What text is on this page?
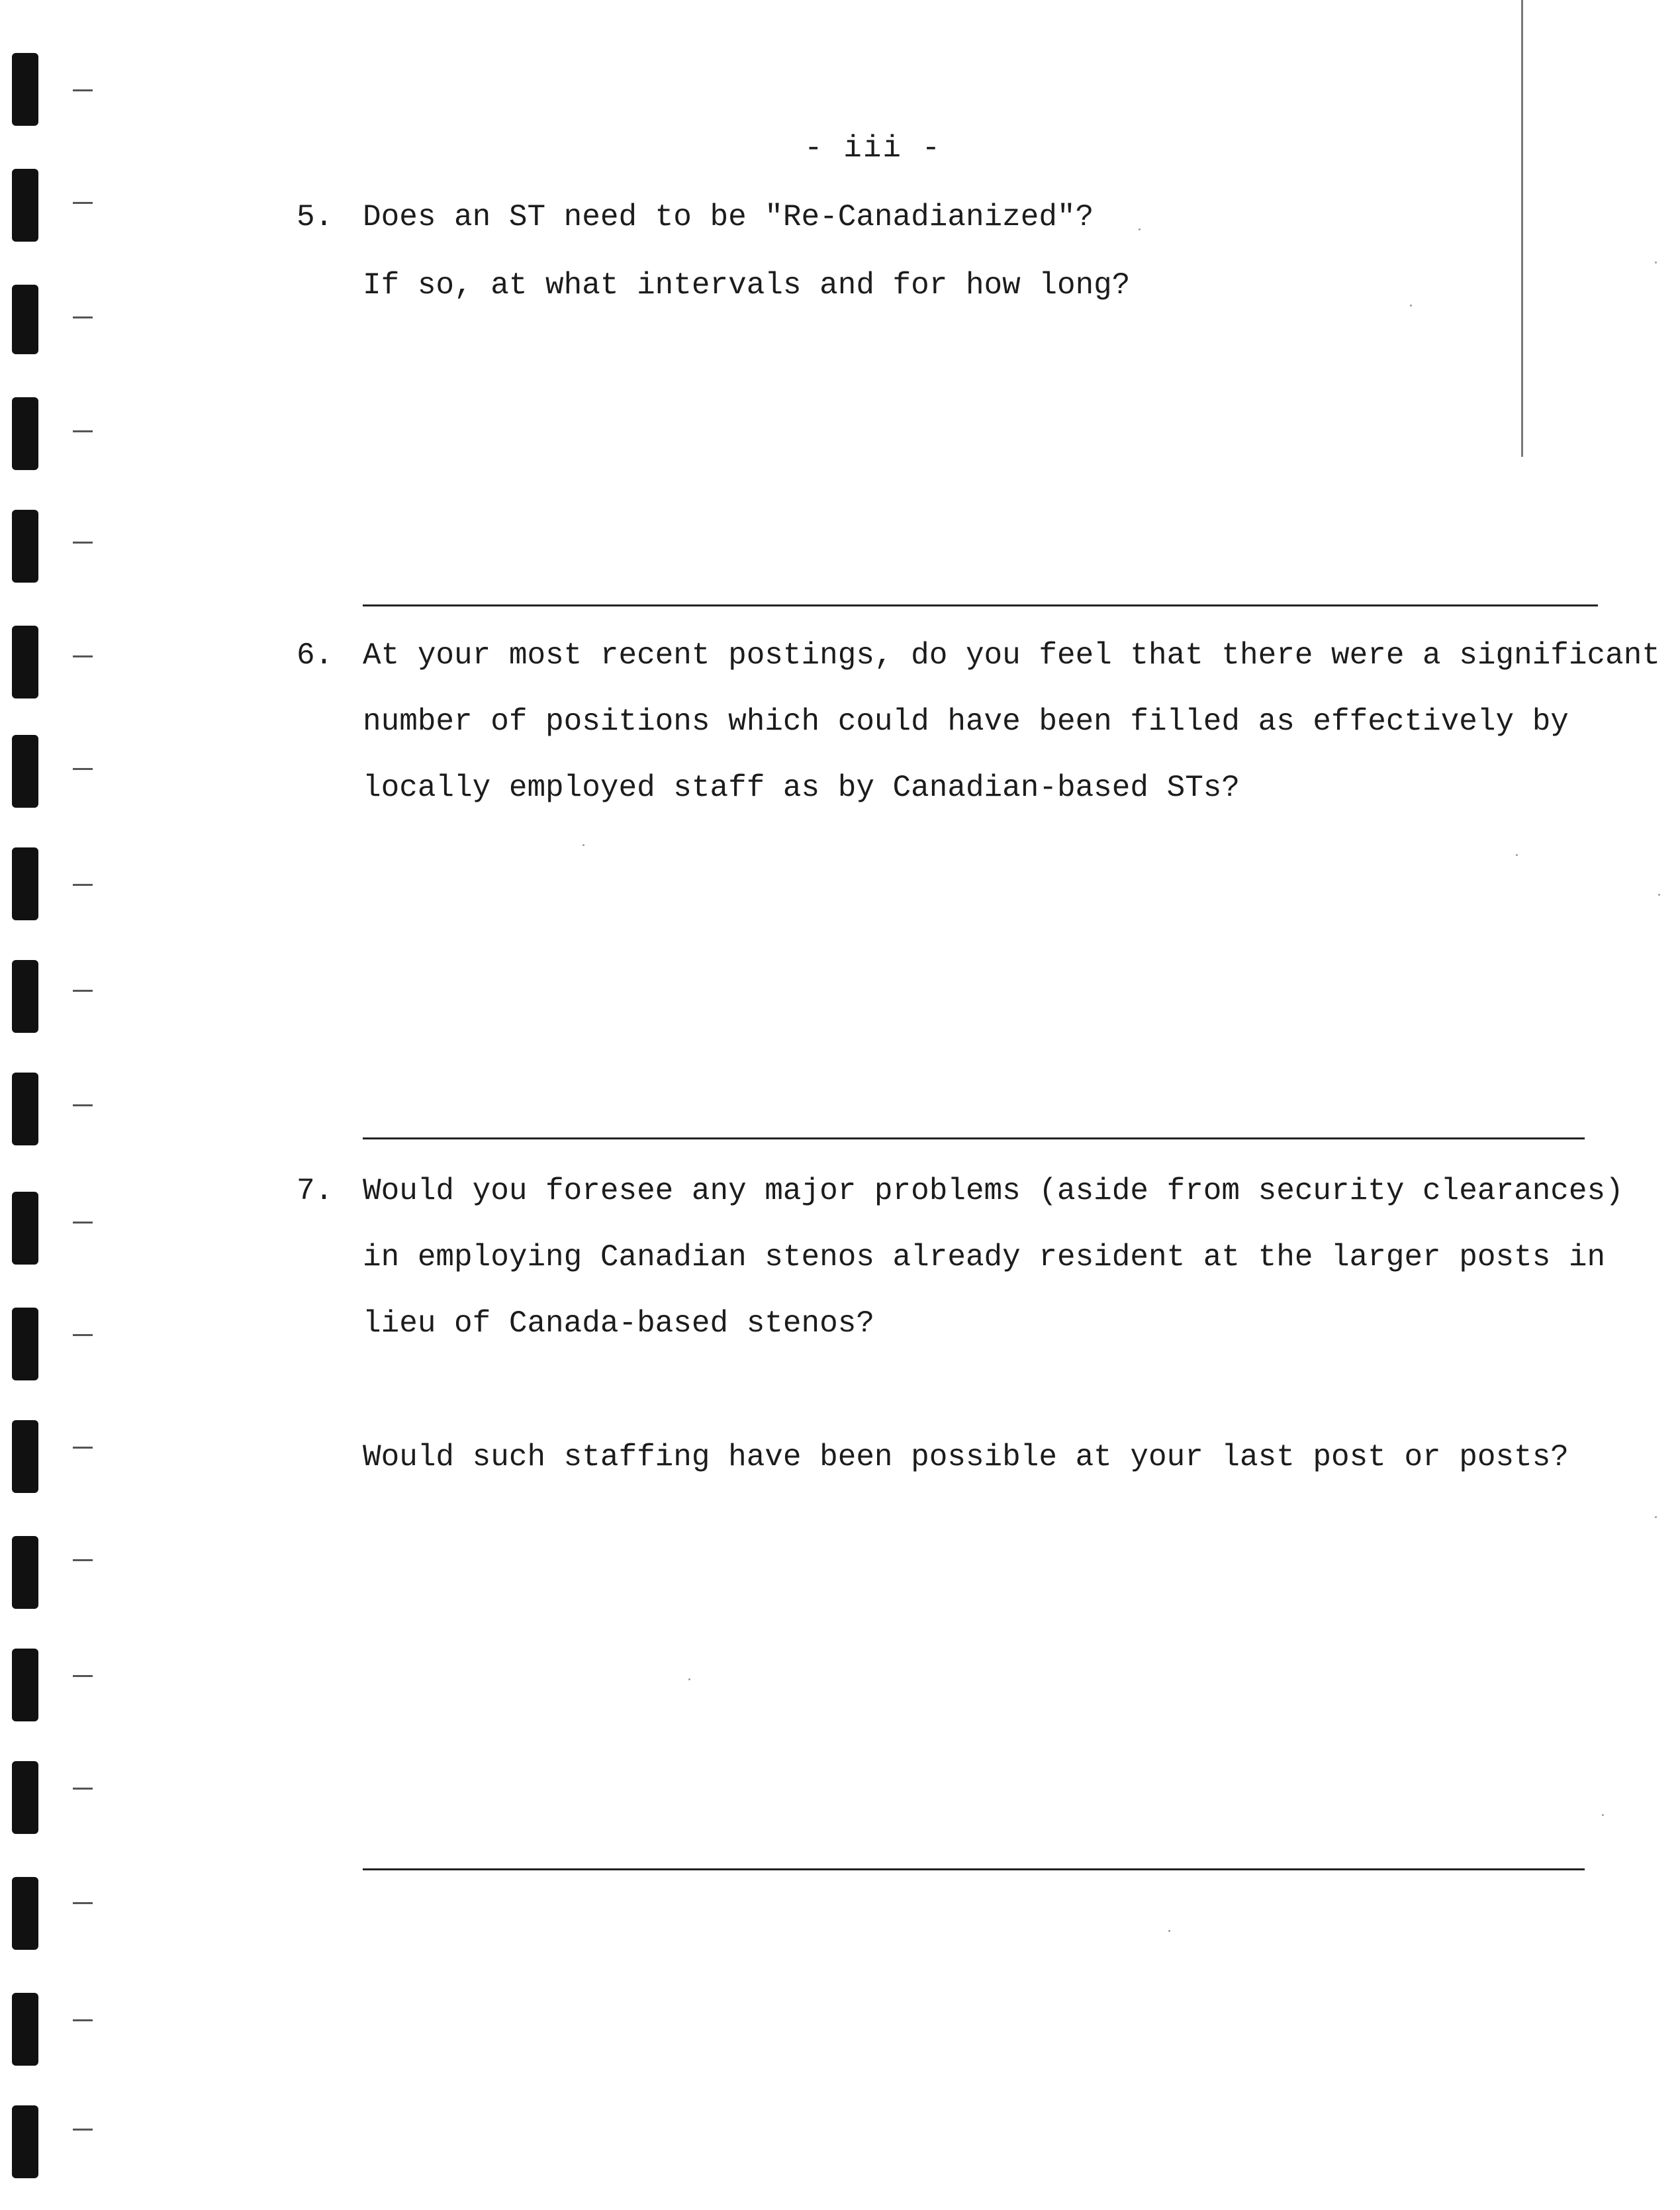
- iii -
5. Does an ST need to be "Re-Canadianized"?
If so, at what intervals and for how long?
6. At your most recent postings, do you feel that there were a significant
number of positions which could have been filled as effectively by
locally employed staff as by Canadian-based STs?
7. Would you foresee any major problems (aside from security clearances)
in employing Canadian stenos already resident at the larger posts in
lieu of Canada-based stenos?
Would such staffing have been possible at your last post or posts?
